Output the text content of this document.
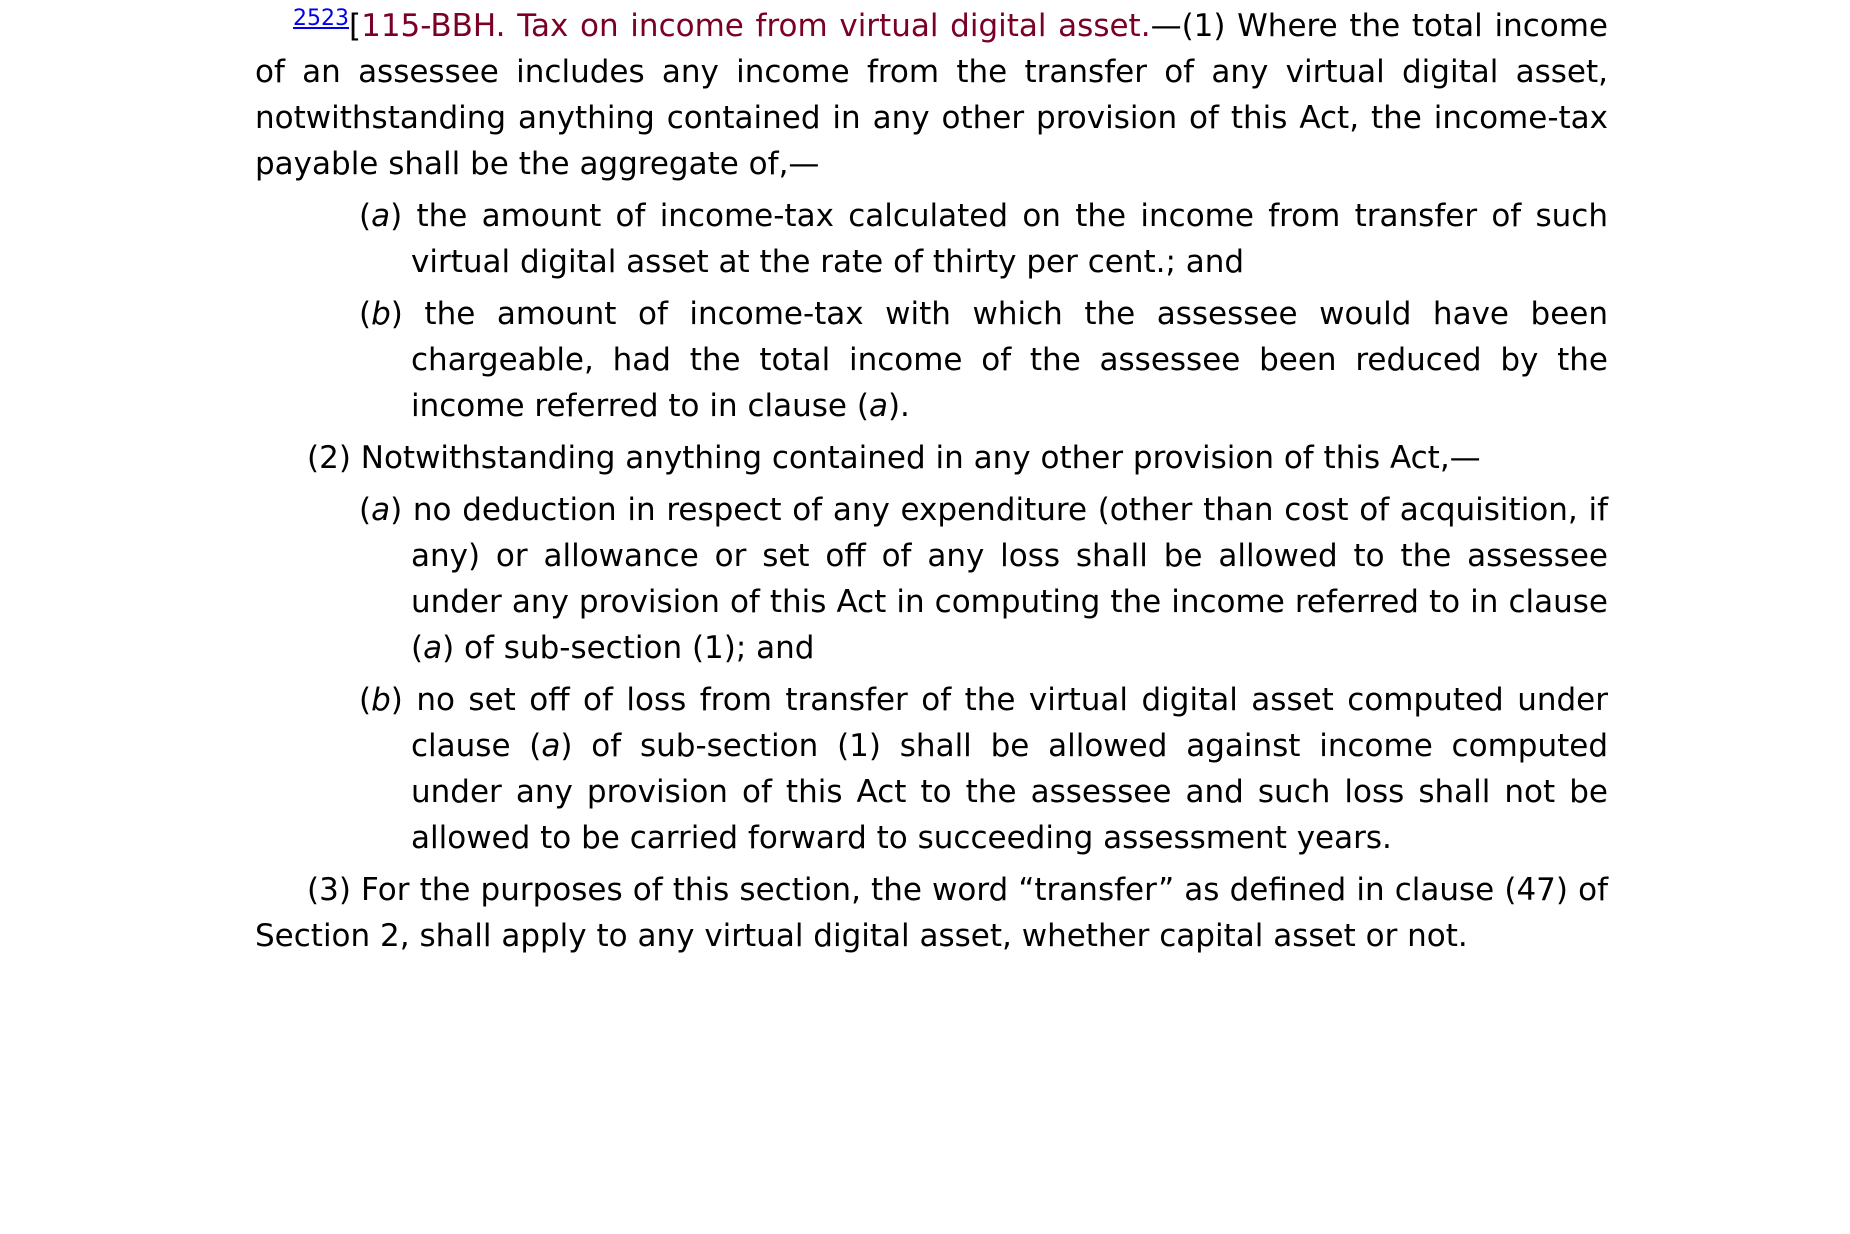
$^{2523}$[115-BBH. Tax on income from virtual digital asset.—(1) Where the total income of an assessee includes any income from the transfer of any virtual digital asset, notwithstanding anything contained in any other provision of this Act, the income-tax payable shall be the aggregate of,—

(a) the amount of income-tax calculated on the income from transfer of such virtual digital asset at the rate of thirty per cent.; and

(b) the amount of income-tax with which the assessee would have been chargeable, had the total income of the assessee been reduced by the income referred to in clause (a).

(2) Notwithstanding anything contained in any other provision of this Act,—

(a) no deduction in respect of any expenditure (other than cost of acquisition, if any) or allowance or set off of any loss shall be allowed to the assessee under any provision of this Act in computing the income referred to in clause (a) of sub-section (1); and

(b) no set off of loss from transfer of the virtual digital asset computed under clause (a) of sub-section (1) shall be allowed against income computed under any provision of this Act to the assessee and such loss shall not be allowed to be carried forward to succeeding assessment years.

(3) For the purposes of this section, the word “transfer” as defined in clause (47) of Section 2, shall apply to any virtual digital asset, whether capital asset or not.
